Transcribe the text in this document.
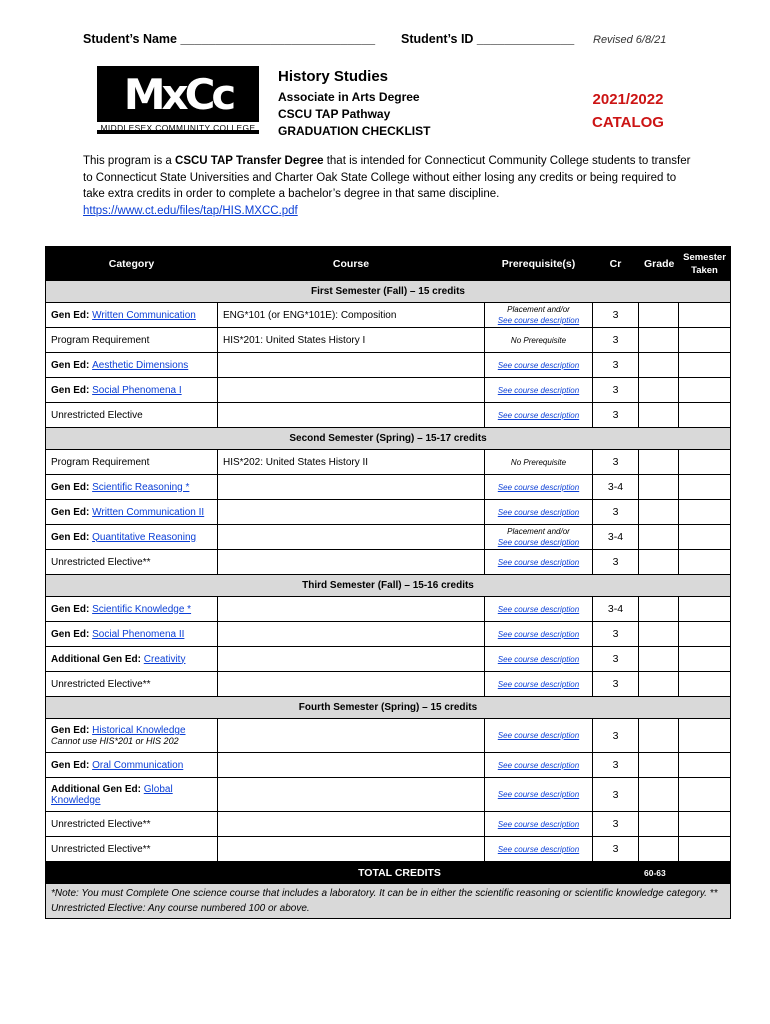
Student’s Name ____________________________ Student’s ID ______________ Revised 6/8/21
MxCc
MIDDLESEX COMMUNITY COLLEGE
History Studies
Associate in Arts Degree
CSCU TAP Pathway
GRADUATION CHECKLIST
2021/2022
CATALOG
This program is a CSCU TAP Transfer Degree that is intended for Connecticut Community College students to transfer to Connecticut State Universities and Charter Oak State College without either losing any credits or being required to take extra credits in order to complete a bachelor’s degree in that same discipline.
https://www.ct.edu/files/tap/HIS.MXCC.pdf
Category	Course	Prerequisite(s)	Cr	Grade	Semester Taken
First Semester (Fall) – 15 credits					
Gen Ed: Written Communication	ENG*101 (or ENG*101E): Composition	Placement and/or
See course description	3		
Program Requirement	HIS*201: United States History I	No Prerequisite	3		
Gen Ed: Aesthetic Dimensions		See course description	3		
Gen Ed: Social Phenomena I		See course description	3		
Unrestricted Elective		See course description	3		
Second Semester (Spring) – 15-17 credits					
Program Requirement	HIS*202: United States History II	No Prerequisite	3		
Gen Ed: Scientific Reasoning *		See course description	3-4		
Gen Ed: Written Communication II		See course description	3		
Gen Ed: Quantitative Reasoning		Placement and/or
See course description	3-4		
Unrestricted Elective**		See course description	3		
Third Semester (Fall) – 15-16 credits					
Gen Ed: Scientific Knowledge *		See course description	3-4		
Gen Ed: Social Phenomena II		See course description	3		
Additional Gen Ed: Creativity		See course description	3		
Unrestricted Elective**		See course description	3		
Fourth Semester (Spring) – 15 credits					
Gen Ed: Historical Knowledge
Cannot use HIS*201 or HIS 202		See course description	3		
Gen Ed: Oral Communication		See course description	3		
Additional Gen Ed: Global Knowledge		See course description	3		
Unrestricted Elective**		See course description	3		
Unrestricted Elective**		See course description	3		
TOTAL CREDITS				60-63	
*Note: You must Complete One science course that includes a laboratory. It can be in either the scientific reasoning or scientific knowledge category. ** Unrestricted Elective: Any course numbered 100 or above.					
